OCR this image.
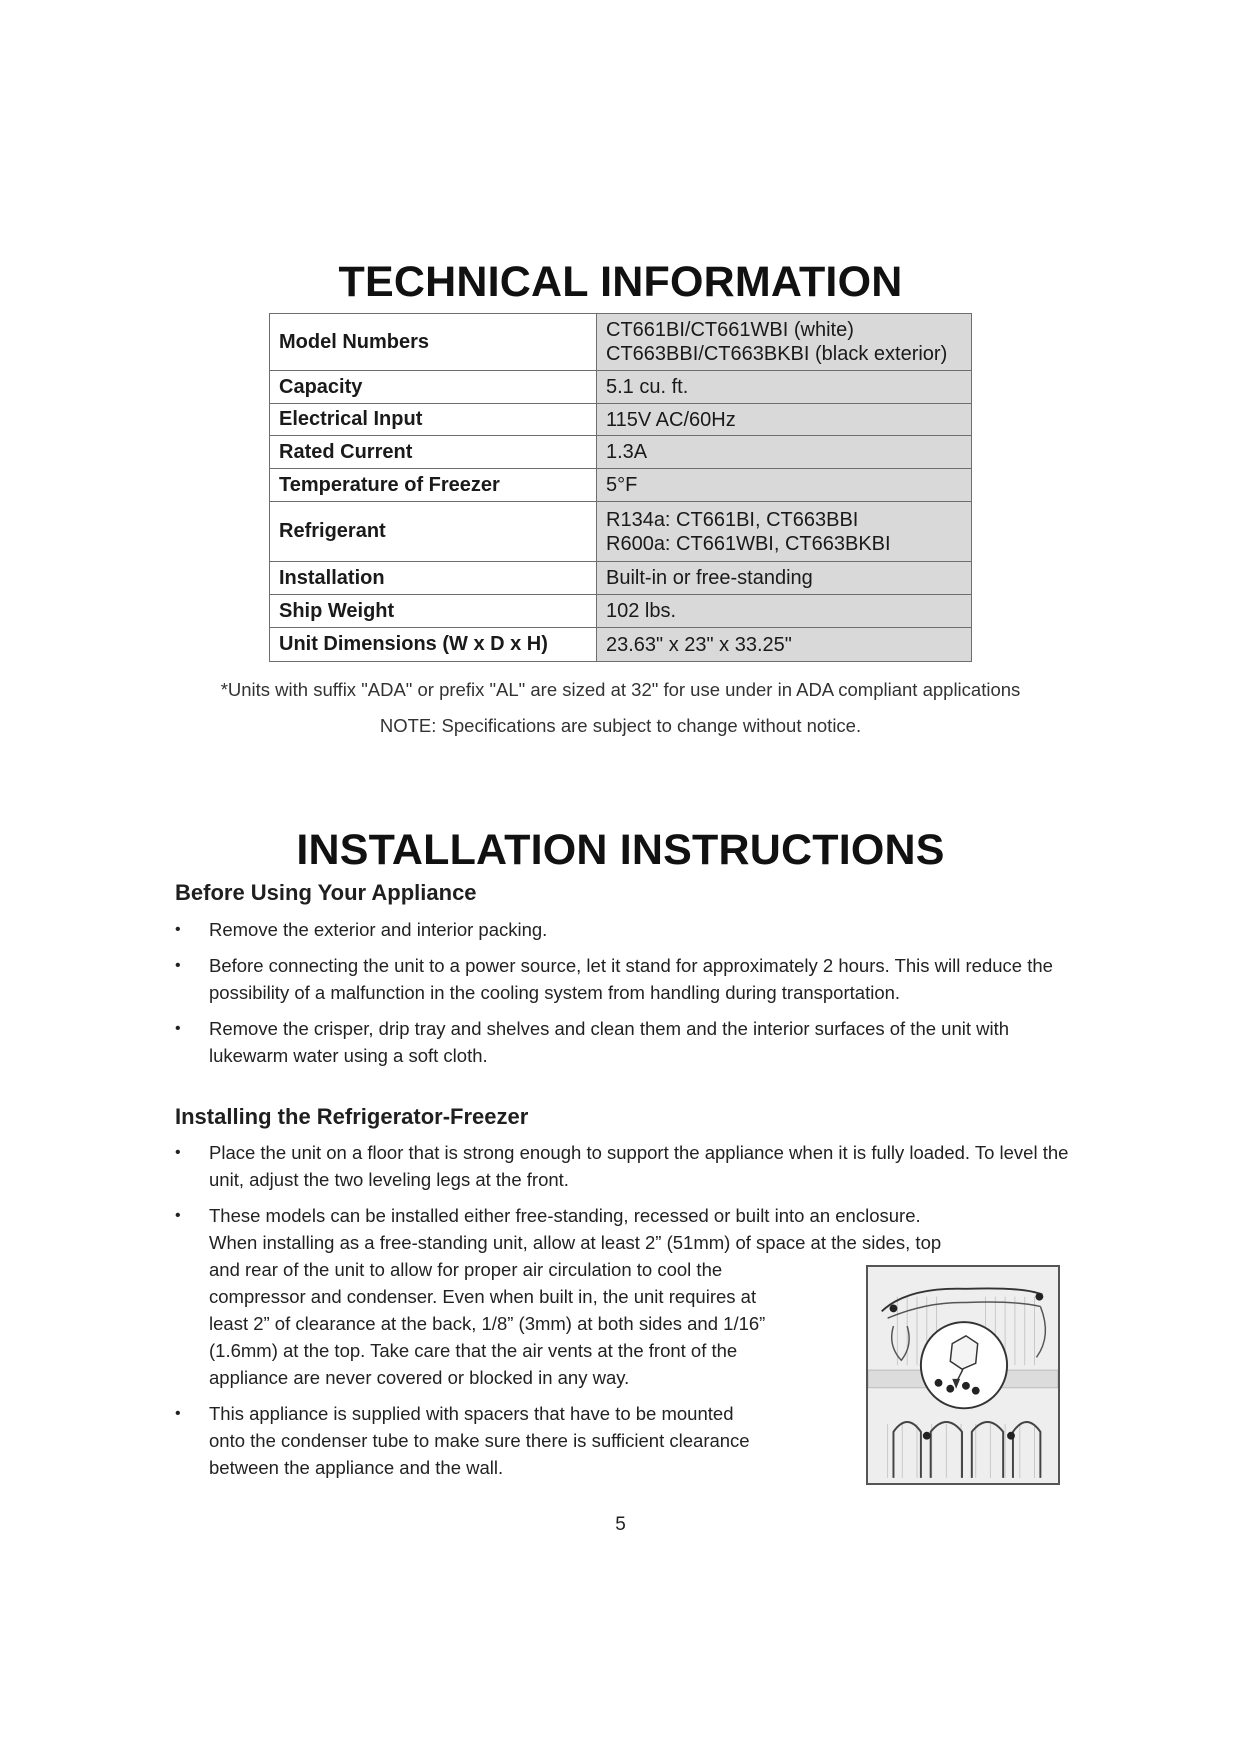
TECHNICAL INFORMATION
Model Numbers	CT661BI/CT661WBI (white)
CT663BBI/CT663BKBI (black exterior)

Capacity	5.1 cu. ft.

Electrical Input	115V AC/60Hz

Rated Current	1.3A

Temperature of Freezer	5°F

Refrigerant	R134a: CT661BI, CT663BBI
R600a: CT661WBI, CT663BKBI

Installation	Built-in or free-standing

Ship Weight	102 lbs.

Unit Dimensions (W x D x H)	23.63" x 23" x 33.25"
*Units with suffix "ADA" or prefix "AL" are sized at 32" for use under in ADA compliant applications
NOTE: Specifications are subject to change without notice.
INSTALLATION INSTRUCTIONS
Before Using Your Appliance
• Remove the exterior and interior packing.
• Before connecting the unit to a power source, let it stand for approximately 2 hours. This will reduce the possibility of a malfunction in the cooling system from handling during transportation.
• Remove the crisper, drip tray and shelves and clean them and the interior surfaces of the unit with lukewarm water using a soft cloth.
Installing the Refrigerator-Freezer
• Place the unit on a floor that is strong enough to support the appliance when it is fully loaded. To level the unit, adjust the two leveling legs at the front.
• These models can be installed either free-standing, recessed or built into an enclosure.
When installing as a free-standing unit, allow at least 2” (51mm) of space at the sides, top
and rear of the unit to allow for proper air circulation to cool the
compressor and condenser. Even when built in, the unit requires at
least 2” of clearance at the back, 1/8” (3mm) at both sides and 1/16”
(1.6mm) at the top. Take care that the air vents at the front of the
appliance are never covered or blocked in any way.
• This appliance is supplied with spacers that have to be mounted
onto the condenser tube to make sure there is sufficient clearance
between the appliance and the wall.
5
